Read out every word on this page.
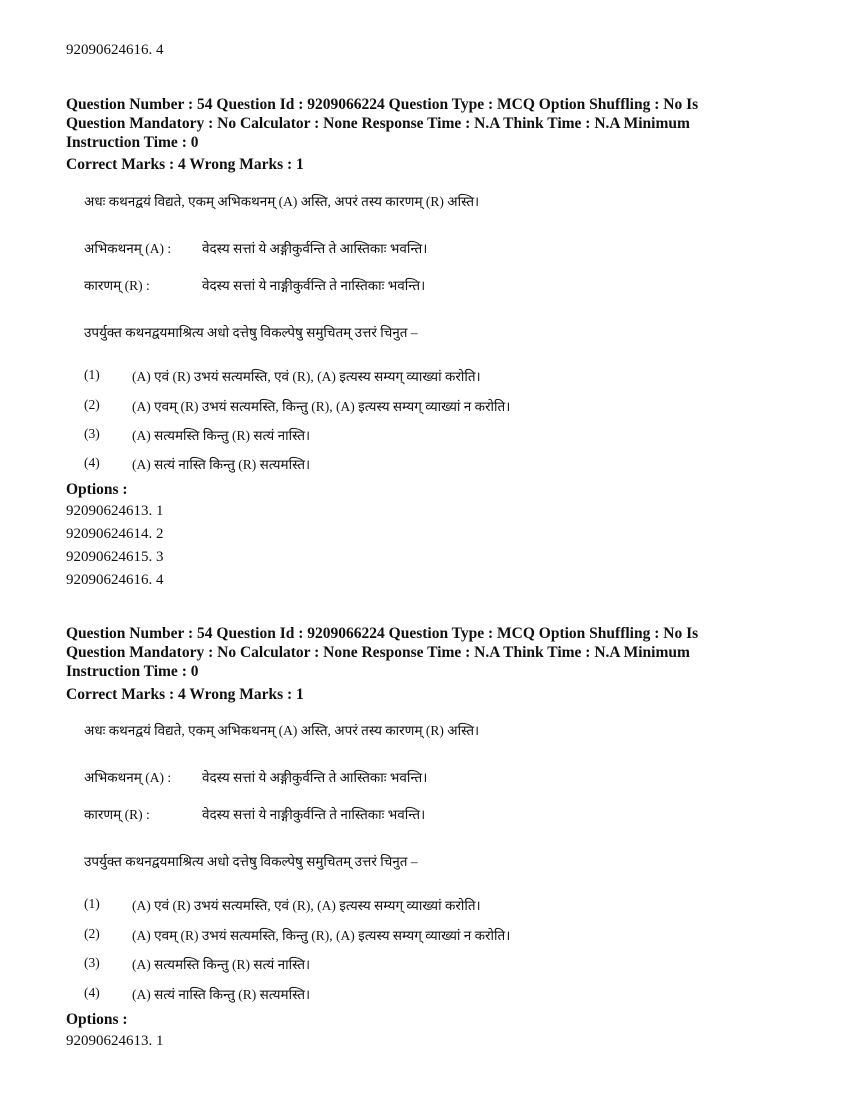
92090624616. 4
Question Number : 54 Question Id : 9209066224 Question Type : MCQ Option Shuffling : No Is
Question Mandatory : No Calculator : None Response Time : N.A Think Time : N.A Minimum
Instruction Time : 0
Correct Marks : 4 Wrong Marks : 1
अधः कथनद्वयं विद्यते, एकम् अभिकथनम् (A) अस्ति, अपरं तस्य कारणम् (R) अस्ति।
अभिकथनम् (A) : वेदस्य सत्तां ये अङ्गीकुर्वन्ति ते आस्तिकाः भवन्ति।
कारणम् (R) :	वेदस्य सत्तां ये नाङ्गीकुर्वन्ति ते नास्तिकाः भवन्ति।
उपर्युक्त कथनद्वयमाश्रित्य अधो दत्तेषु विकल्पेषु समुचितम् उत्तरं चिनुत –
(1) (A) एवं (R) उभयं सत्यमस्ति, एवं (R), (A) इत्यस्य सम्यग् व्याख्यां करोति।
(2) (A) एवम् (R) उभयं सत्यमस्ति, किन्तु (R), (A) इत्यस्य सम्यग् व्याख्यां न करोति।
(3) (A) सत्यमस्ति किन्तु (R) सत्यं नास्ति।
(4) (A) सत्यं नास्ति किन्तु (R) सत्यमस्ति।
Options :
92090624613. 1
92090624614. 2
92090624615. 3
92090624616. 4
Question Number : 54 Question Id : 9209066224 Question Type : MCQ Option Shuffling : No Is
Question Mandatory : No Calculator : None Response Time : N.A Think Time : N.A Minimum
Instruction Time : 0
Correct Marks : 4 Wrong Marks : 1
अधः कथनद्वयं विद्यते, एकम् अभिकथनम् (A) अस्ति, अपरं तस्य कारणम् (R) अस्ति।
अभिकथनम् (A) : वेदस्य सत्तां ये अङ्गीकुर्वन्ति ते आस्तिकाः भवन्ति।
कारणम् (R) :	वेदस्य सत्तां ये नाङ्गीकुर्वन्ति ते नास्तिकाः भवन्ति।
उपर्युक्त कथनद्वयमाश्रित्य अधो दत्तेषु विकल्पेषु समुचितम् उत्तरं चिनुत –
(1) (A) एवं (R) उभयं सत्यमस्ति, एवं (R), (A) इत्यस्य सम्यग् व्याख्यां करोति।
(2) (A) एवम् (R) उभयं सत्यमस्ति, किन्तु (R), (A) इत्यस्य सम्यग् व्याख्यां न करोति।
(3) (A) सत्यमस्ति किन्तु (R) सत्यं नास्ति।
(4) (A) सत्यं नास्ति किन्तु (R) सत्यमस्ति।
Options :
92090624613. 1
